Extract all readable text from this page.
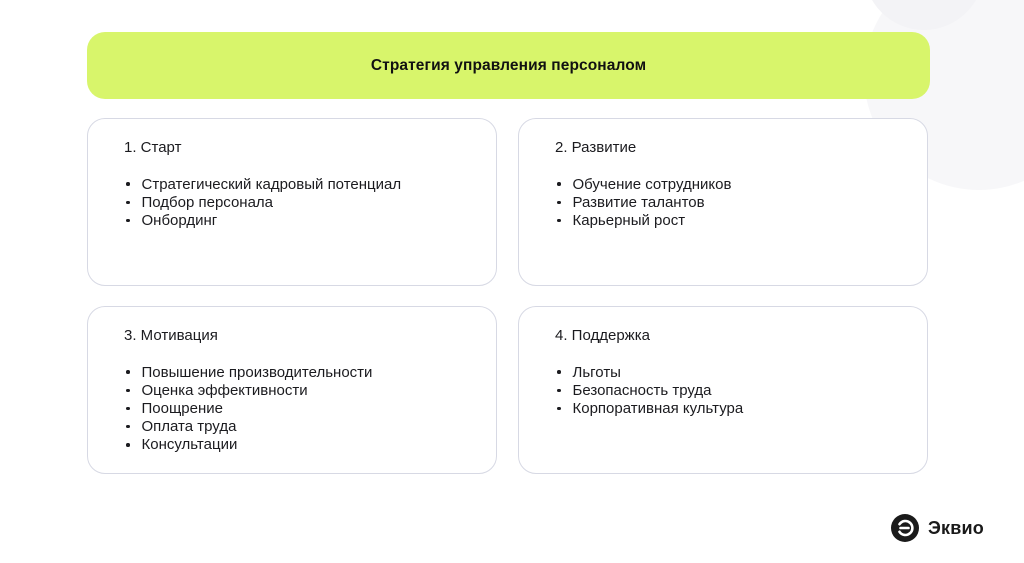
Стратегия управления персоналом
1. Старт
Стратегический кадровый потенциал
Подбор персонала
Онбординг
2. Развитие
Обучение сотрудников
Развитие талантов
Карьерный рост
3. Мотивация
Повышение производительности
Оценка эффективности
Поощрение
Оплата труда
Консультации
4. Поддержка
Льготы
Безопасность труда
Корпоративная культура
Эквио
